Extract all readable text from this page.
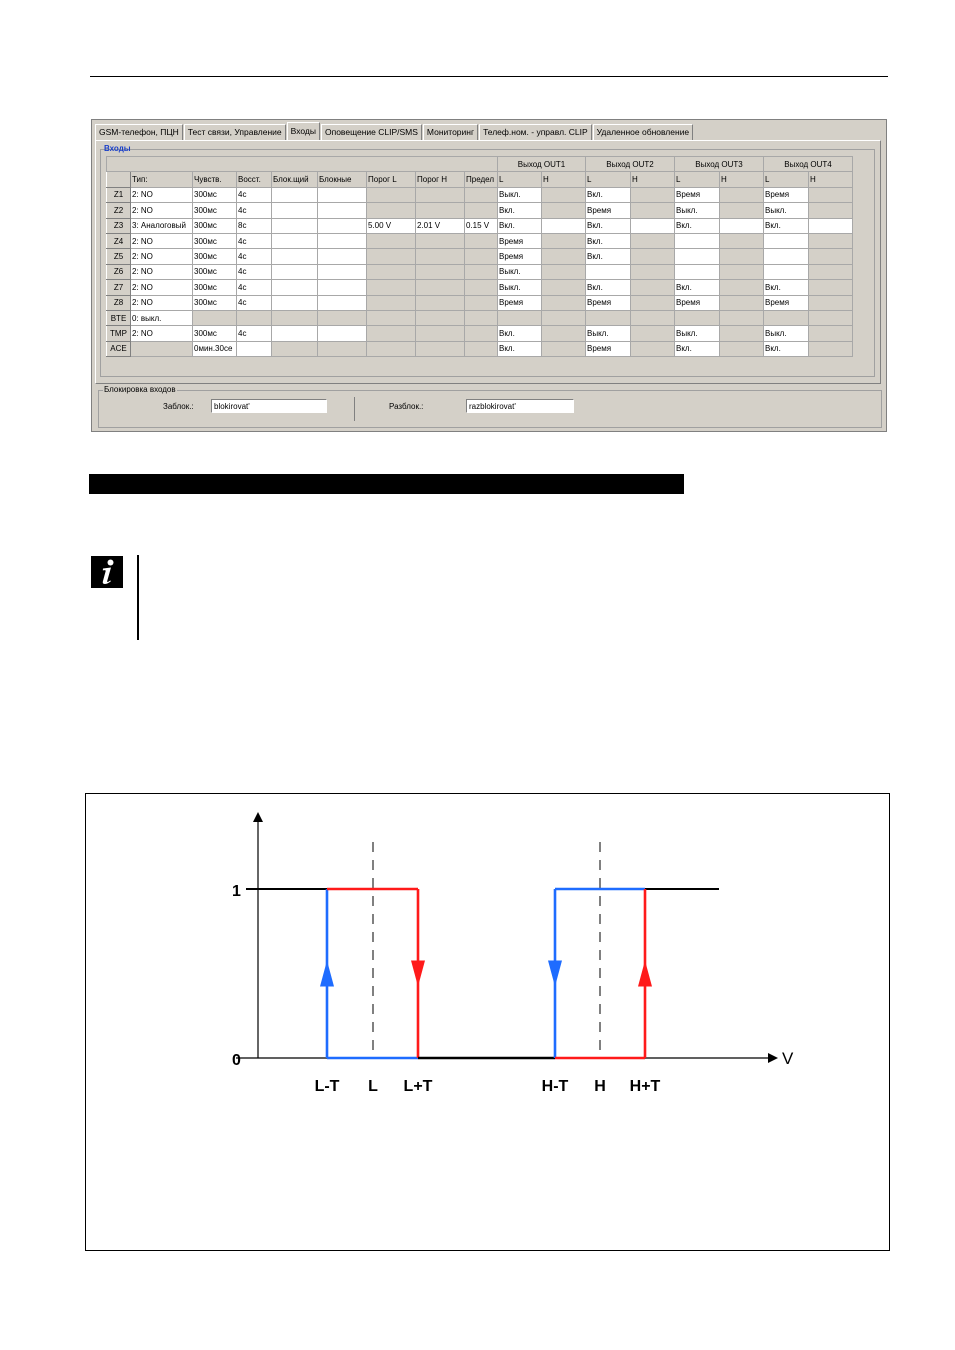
GSM-телефон, ПЦН	Тест связи, Управление	Входы	Оповещение CLIP/SMS	Мониторинг	Телеф.ном. - управл. CLIP	Удаленное обновление
Входы
									Выход OUT1		Выход OUT2		Выход OUT3		Выход OUT4	
	Тип:	Чувств.	Восст.	Блок.щий	Блокные	Порог L	Порог H	Предел	L	H	L	H	L	H	L	H
Z1	2: NO	300мс	4с						Выкл.		Вкл.		Время		Время	
Z2	2: NO	300мс	4с						Вкл.		Время		Выкл.		Выкл.	
Z3	3: Аналоговый	300мс	8с			5.00 V	2.01 V	0.15 V	Вкл.		Вкл.		Вкл.		Вкл.	
Z4	2: NO	300мс	4с						Время		Вкл.					
Z5	2: NO	300мс	4с						Время		Вкл.					
Z6	2: NO	300мс	4с						Выкл.							
Z7	2: NO	300мс	4с						Выкл.		Вкл.		Вкл.		Вкл.	
Z8	2: NO	300мс	4с						Время		Время		Время		Время	
BTE	0: выкл.															
TMP	2: NO	300мс	4с						Вкл.		Выкл.		Выкл.		Выкл.	
ACE		0мин.30се							Вкл.		Время		Вкл.		Вкл.	
Блокировка входов
Заблок.:	blokirovat'	Разблок.:	razblokirovat'
V
0
1
L-T L L+T	H-T H H+T
